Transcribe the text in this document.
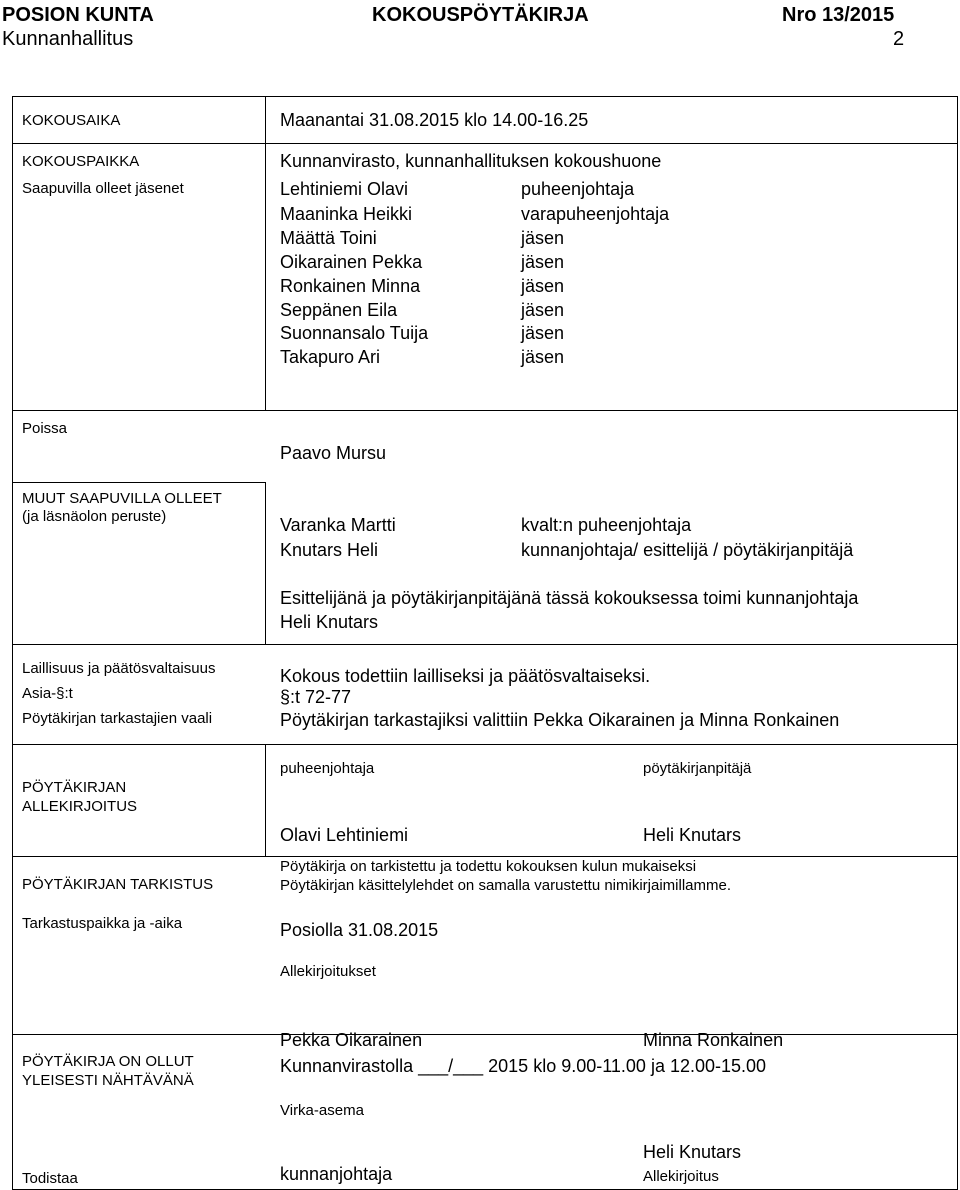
POSION KUNTA	KOKOUSPÖYTÄKIRJA	Nro 13/2015
Kunnanhallitus	2
KOKOUSAIKA	Maanantai 31.08.2015 klo 14.00-16.25
KOKOUSPAIKKA	Kunnanvirasto, kunnanhallituksen kokoushuone
Saapuvilla olleet jäsenet	Lehtiniemi Olavi	puheenjohtaja
Maaninka Heikki	varapuheenjohtaja
Määttä Toini	jäsen
Oikarainen Pekka	jäsen
Ronkainen Minna	jäsen
Seppänen Eila	jäsen
Suonnansalo Tuija	jäsen
Takapuro Ari	jäsen
Poissa
Paavo Mursu
MUUT SAAPUVILLA OLLEET
(ja läsnäolon peruste)	Varanka Martti	kvalt:n puheenjohtaja
Knutars Heli	kunnanjohtaja/ esittelijä / pöytäkirjanpitäjä
Esittelijänä ja pöytäkirjanpitäjänä tässä kokouksessa toimi kunnanjohtaja
Heli Knutars
Laillisuus ja päätösvaltaisuus	Kokous todettiin lailliseksi ja päätösvaltaiseksi.
Asia-§:t	§:t 72-77
Pöytäkirjan tarkastajien vaali	Pöytäkirjan tarkastajiksi valittiin Pekka Oikarainen ja Minna Ronkainen
PÖYTÄKIRJAN
ALLEKIRJOITUS
puheenjohtaja	pöytäkirjanpitäjä
Olavi Lehtiniemi	Heli Knutars
PÖYTÄKIRJAN TARKISTUS
Pöytäkirja on tarkistettu ja todettu kokouksen kulun mukaiseksi
Pöytäkirjan käsittelylehdet on samalla varustettu nimikirjaimillamme.
Tarkastuspaikka ja -aika	Posiolla 31.08.2015
Allekirjoitukset
Pekka Oikarainen	Minna Ronkainen
PÖYTÄKIRJA ON OLLUT
YLEISESTI NÄHTÄVÄNÄ
Kunnanvirastolla ___/___ 2015 klo 9.00-11.00 ja 12.00-15.00
Virka-asema
Todistaa	kunnanjohtaja
Heli Knutars
Allekirjoitus
